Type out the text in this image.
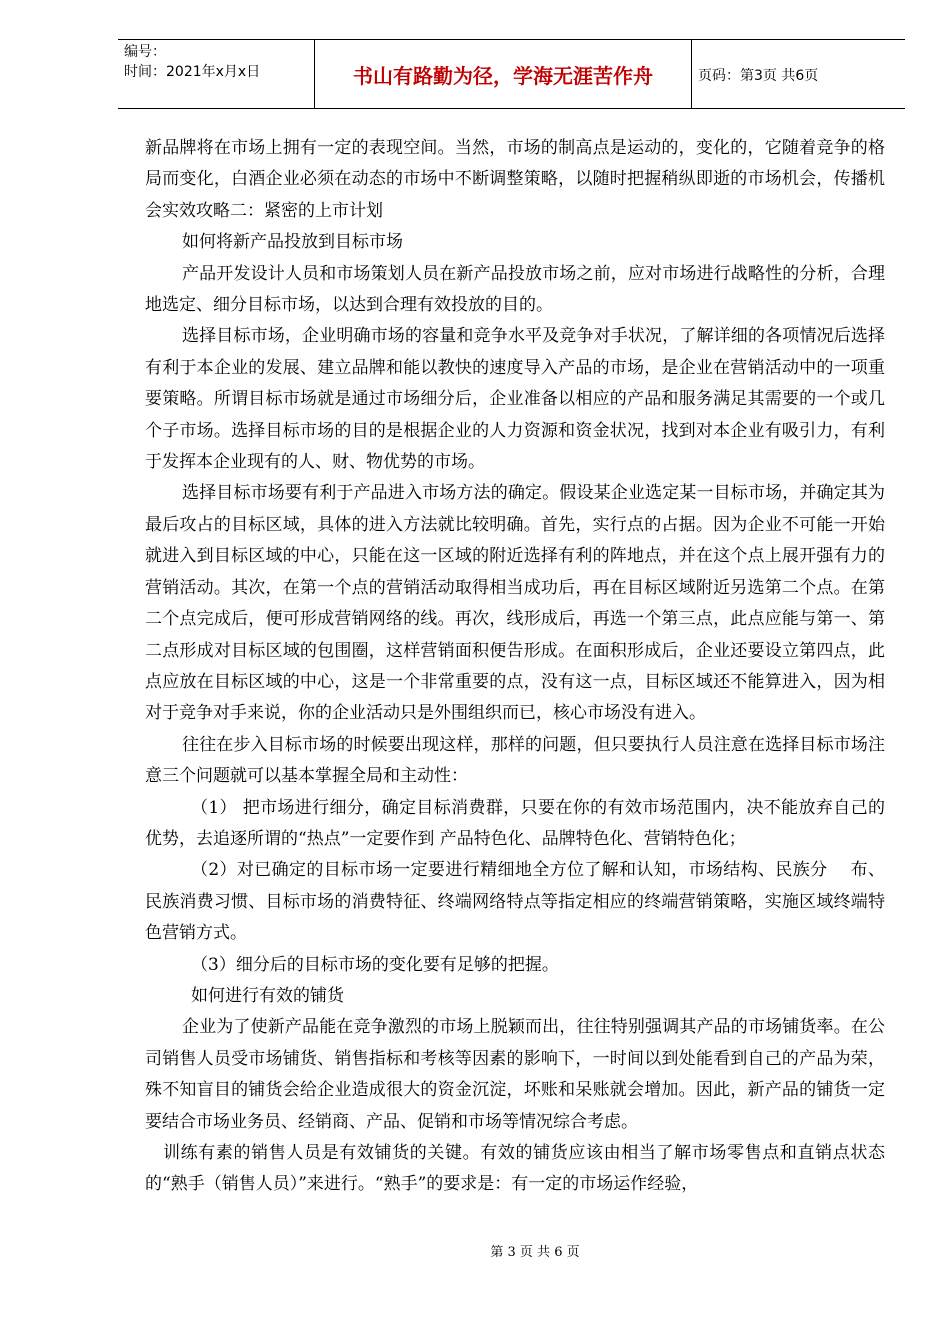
编号：
时间：2021年x月x日	书山有路勤为径，学海无涯苦作舟	页码：第3页 共6页

新品牌将在市场上拥有一定的表现空间。当然，市场的制高点是运动的，变化的，它随着竞争的格局而变化，白酒企业必须在动态的市场中不断调整策略，以随时把握稍纵即逝的市场机会，传播机会实效攻略二：紧密的上市计划

如何将新产品投放到目标市场

产品开发设计人员和市场策划人员在新产品投放市场之前，应对市场进行战略性的分析，合理地选定、细分目标市场，以达到合理有效投放的目的。

选择目标市场，企业明确市场的容量和竞争水平及竞争对手状况，了解详细的各项情况后选择有利于本企业的发展、建立品牌和能以教快的速度导入产品的市场，是企业在营销活动中的一项重要策略。所谓目标市场就是通过市场细分后，企业准备以相应的产品和服务满足其需要的一个或几个子市场。选择目标市场的目的是根据企业的人力资源和资金状况，找到对本企业有吸引力，有利于发挥本企业现有的人、财、物优势的市场。

选择目标市场要有利于产品进入市场方法的确定。假设某企业选定某一目标市场，并确定其为最后攻占的目标区域，具体的进入方法就比较明确。首先，实行点的占据。因为企业不可能一开始就进入到目标区域的中心，只能在这一区域的附近选择有利的阵地点，并在这个点上展开强有力的营销活动。其次，在第一个点的营销活动取得相当成功后，再在目标区域附近另选第二个点。在第二个点完成后，便可形成营销网络的线。再次，线形成后，再选一个第三点，此点应能与第一、第二点形成对目标区域的包围圈，这样营销面积便告形成。在面积形成后，企业还要设立第四点，此点应放在目标区域的中心，这是一个非常重要的点，没有这一点，目标区域还不能算进入，因为相对于竞争对手来说，你的企业活动只是外围组织而已，核心市场没有进入。

往往在步入目标市场的时候要出现这样，那样的问题，但只要执行人员注意在选择目标市场注意三个问题就可以基本掌握全局和主动性：

（1） 把市场进行细分，确定目标消费群，只要在你的有效市场范围内，决不能放弃自己的优势，去追逐所谓的“热点”一定要作到 产品特色化、品牌特色化、营销特色化；

（2）对已确定的目标市场一定要进行精细地全方位了解和认知，市场结构、民族分　 布、民族消费习惯、目标市场的消费特征、终端网络特点等指定相应的终端营销策略，实施区域终端特色营销方式。

（3）细分后的目标市场的变化要有足够的把握。

如何进行有效的铺货

企业为了使新产品能在竞争激烈的市场上脱颖而出，往往特别强调其产品的市场铺货率。在公司销售人员受市场铺货、销售指标和考核等因素的影响下，一时间以到处能看到自己的产品为荣，殊不知盲目的铺货会给企业造成很大的资金沉淀，坏账和呆账就会增加。因此，新产品的铺货一定要结合市场业务员、经销商、产品、促销和市场等情况综合考虑。

训练有素的销售人员是有效铺货的关键。有效的铺货应该由相当了解市场零售点和直销点状态的“熟手（销售人员）”来进行。“熟手”的要求是：有一定的市场运作经验，

第 3 页 共 6 页
